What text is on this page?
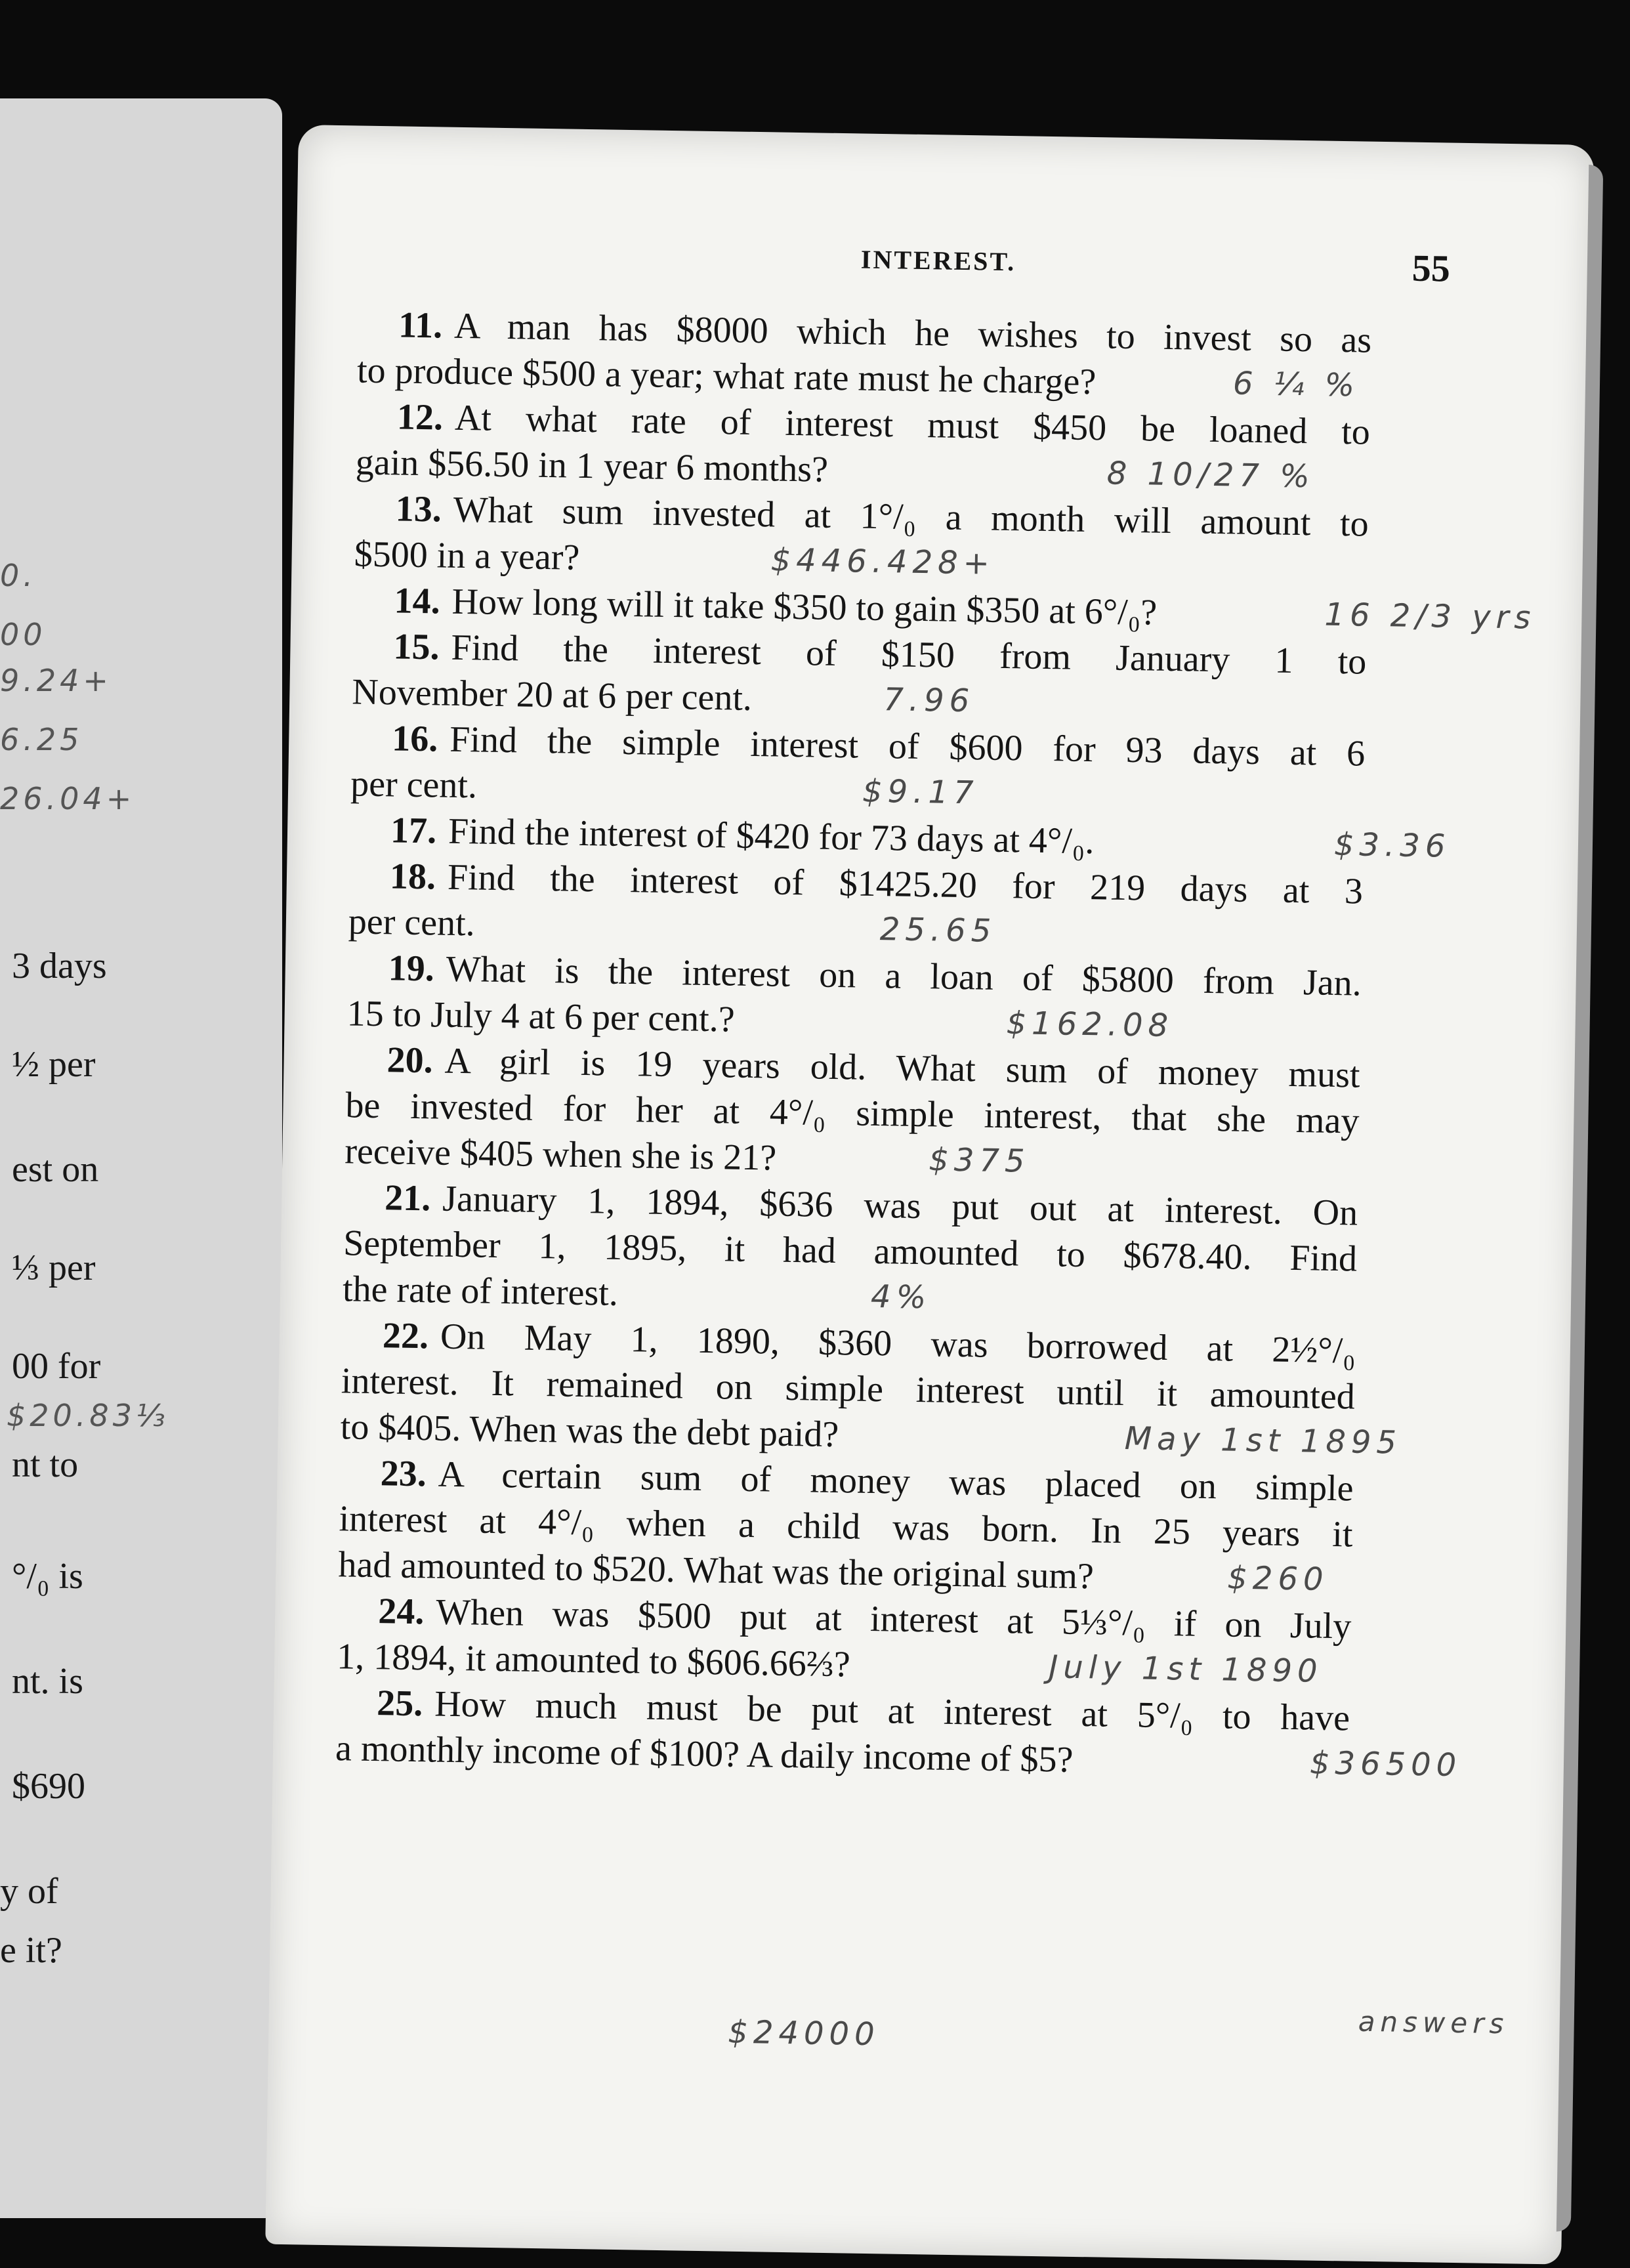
3 days
½ per
est on
⅓ per
00 for
nt to
°/₀ is
nt. is
$690
y of
e it?
0.
00
9.24+
6.25
26.04+
$20.83⅓
INTEREST.	55
11. A man has $8000 which he wishes to invest so as
to produce $500 a year; what rate must he charge?	6 ¼ %
12. At what rate of interest must $450 be loaned to
gain $56.50 in 1 year 6 months?	8 10/27 %
13. What sum invested at 1°/₀ a month will amount to
$500 in a year?	$446.428+
14. How long will it take $350 to gain $350 at 6°/₀?	16 2/3 yrs
15. Find the interest of $150 from January 1 to
November 20 at 6 per cent.	7.96
16. Find the simple interest of $600 for 93 days at 6
per cent.	$9.17
17. Find the interest of $420 for 73 days at 4°/₀.	$3.36
18. Find the interest of $1425.20 for 219 days at 3
per cent.	25.65
19. What is the interest on a loan of $5800 from Jan.
15 to July 4 at 6 per cent.?	$162.08
20. A girl is 19 years old. What sum of money must
be invested for her at 4°/₀ simple interest, that she may
receive $405 when she is 21?	$375
21. January 1, 1894, $636 was put out at interest. On
September 1, 1895, it had amounted to $678.40. Find
the rate of interest.	4%
22. On May 1, 1890, $360 was borrowed at 2½°/₀
interest. It remained on simple interest until it amounted
to $405. When was the debt paid?	May 1st 1895
23. A certain sum of money was placed on simple
interest at 4°/₀ when a child was born. In 25 years it
had amounted to $520. What was the original sum?	$260
24. When was $500 put at interest at 5⅓°/₀ if on July
1, 1894, it amounted to $606.66⅔?	July 1st 1890
25. How much must be put at interest at 5°/₀ to have
a monthly income of $100? A daily income of $5?	$36500
$24000	answers
